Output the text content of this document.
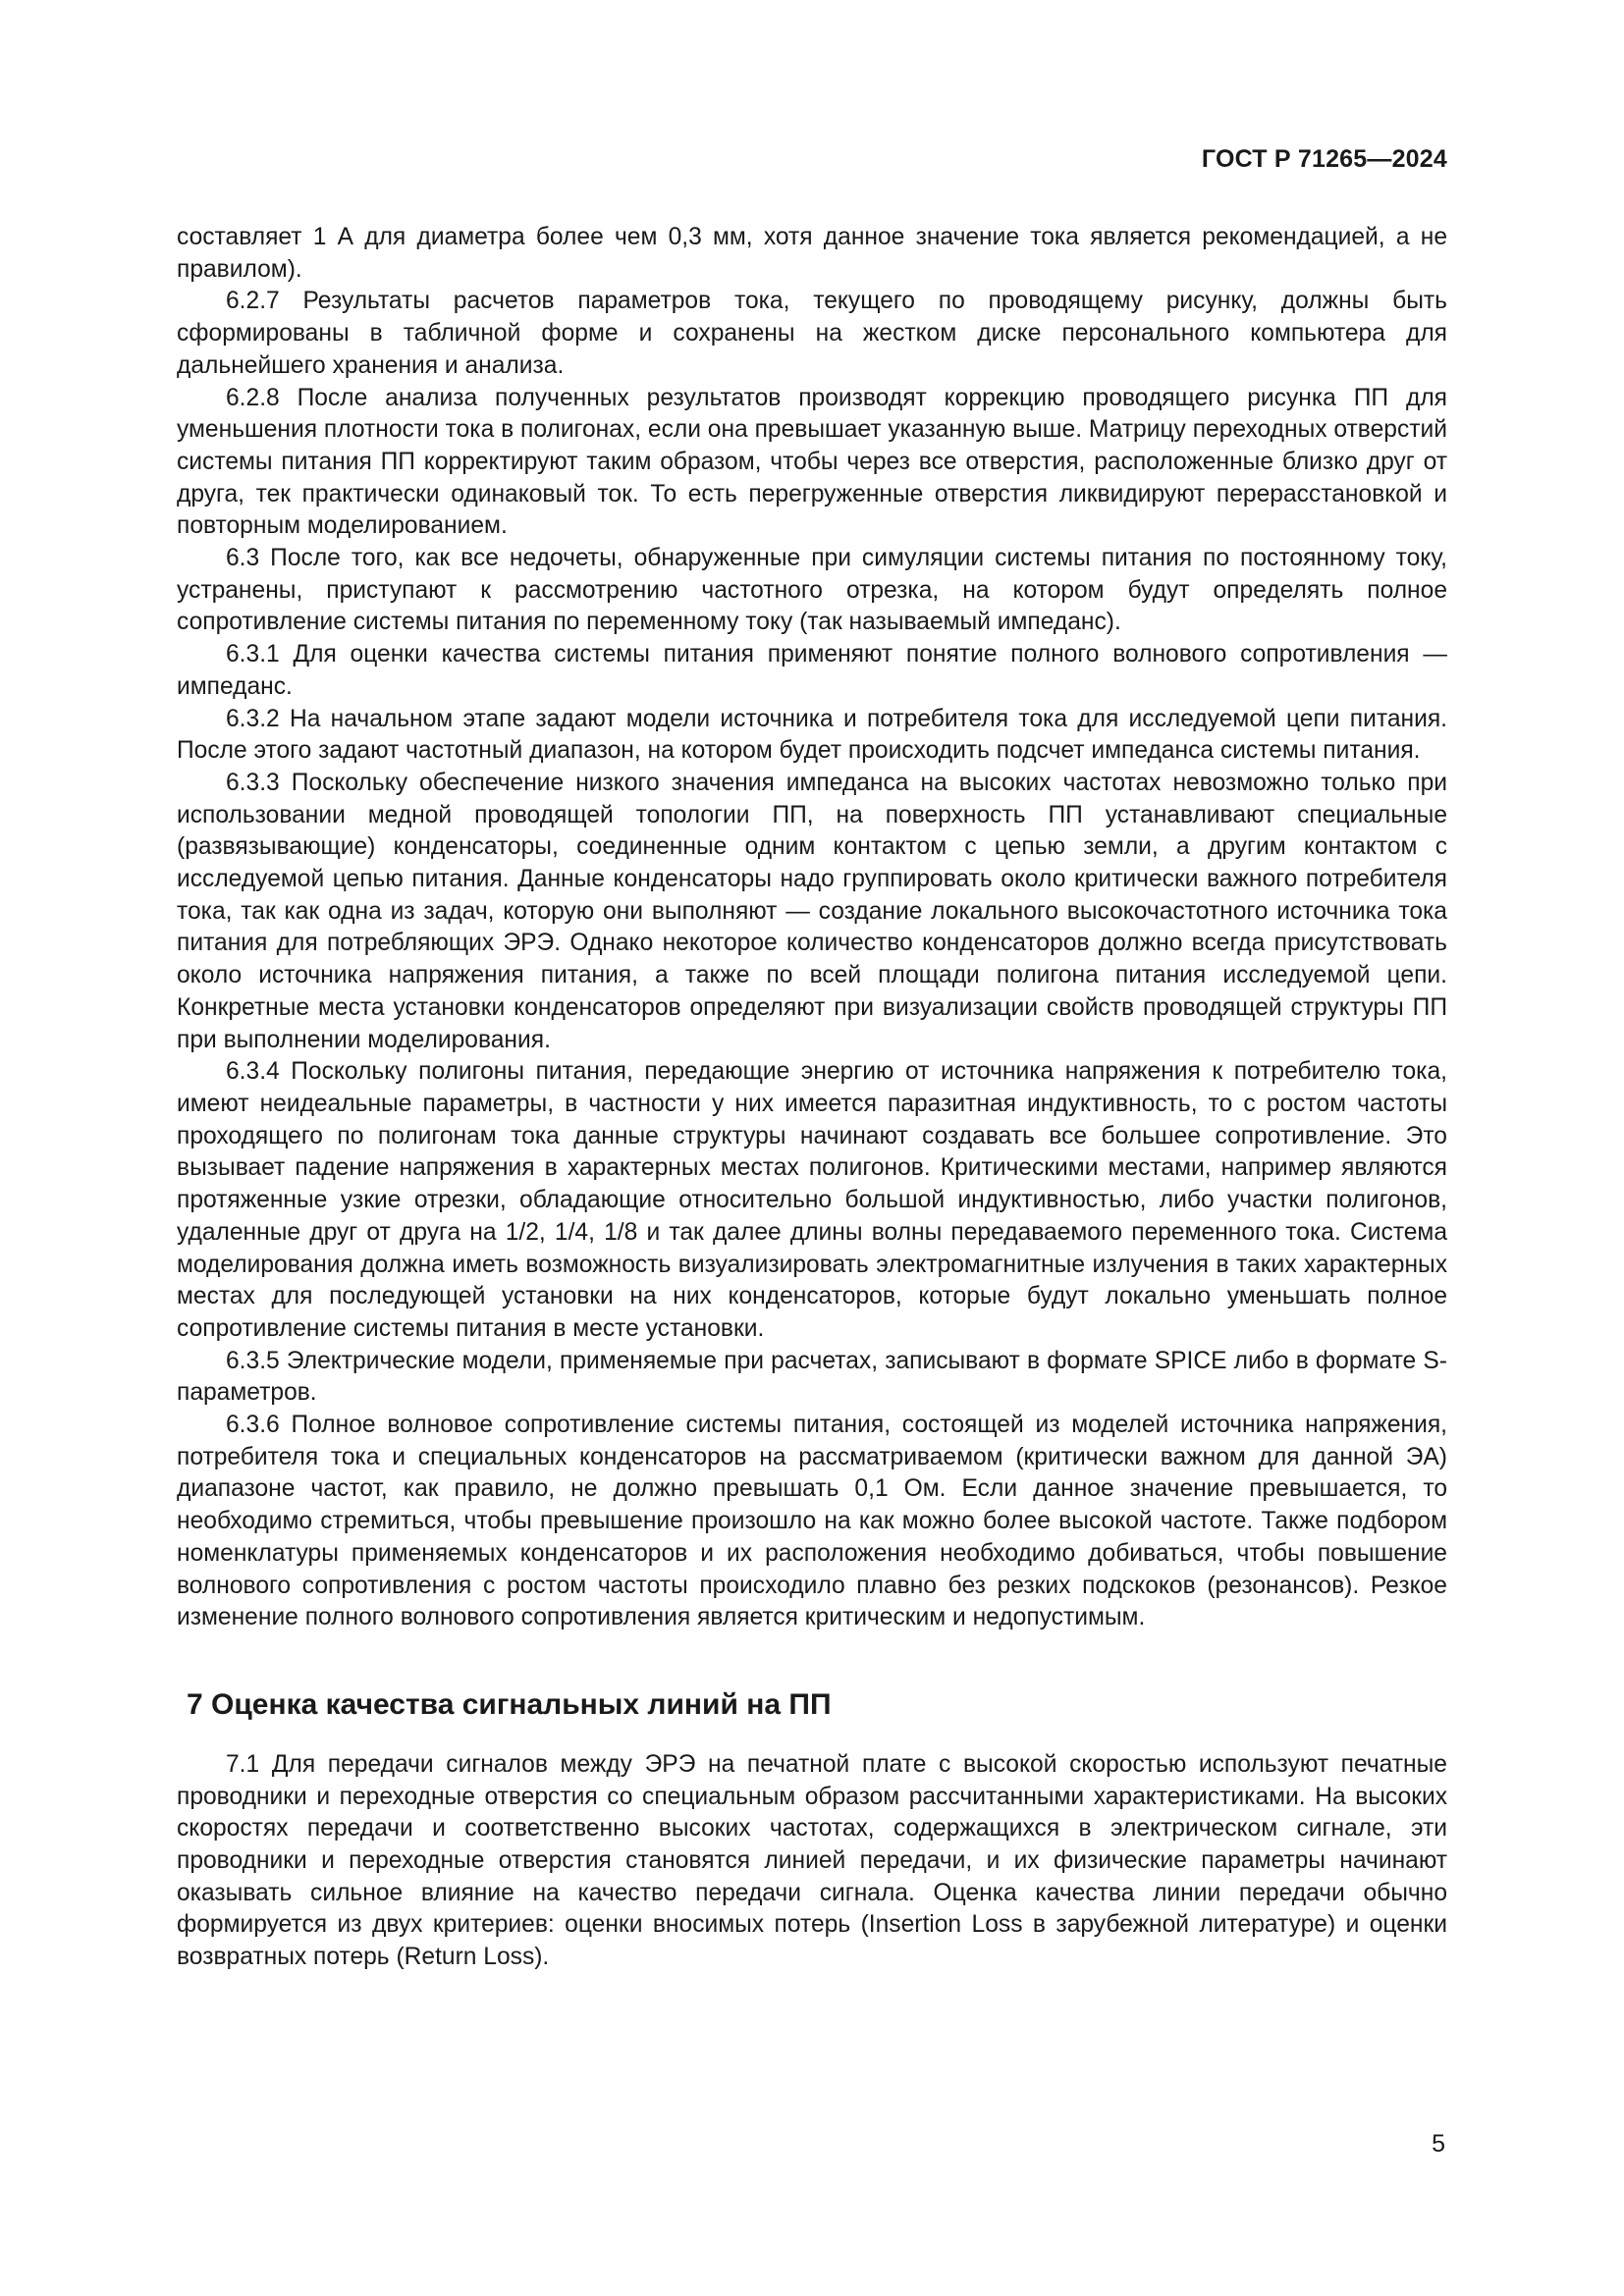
ГОСТ Р 71265—2024

составляет 1 А для диаметра более чем 0,3 мм, хотя данное значение тока является рекомендацией, а не правилом).

6.2.7 Результаты расчетов параметров тока, текущего по проводящему рисунку, должны быть сформированы в табличной форме и сохранены на жестком диске персонального компьютера для дальнейшего хранения и анализа.

6.2.8 После анализа полученных результатов производят коррекцию проводящего рисунка ПП для уменьшения плотности тока в полигонах, если она превышает указанную выше. Матрицу переходных отверстий системы питания ПП корректируют таким образом, чтобы через все отверстия, расположенные близко друг от друга, тек практически одинаковый ток. То есть перегруженные отверстия ликвидируют перерасстановкой и повторным моделированием.

6.3 После того, как все недочеты, обнаруженные при симуляции системы питания по постоянному току, устранены, приступают к рассмотрению частотного отрезка, на котором будут определять полное сопротивление системы питания по переменному току (так называемый импеданс).

6.3.1 Для оценки качества системы питания применяют понятие полного волнового сопротивления — импеданс.

6.3.2 На начальном этапе задают модели источника и потребителя тока для исследуемой цепи питания. После этого задают частотный диапазон, на котором будет происходить подсчет импеданса системы питания.

6.3.3 Поскольку обеспечение низкого значения импеданса на высоких частотах невозможно только при использовании медной проводящей топологии ПП, на поверхность ПП устанавливают специальные (развязывающие) конденсаторы, соединенные одним контактом с цепью земли, а другим контактом с исследуемой цепью питания. Данные конденсаторы надо группировать около критически важного потребителя тока, так как одна из задач, которую они выполняют — создание локального высокочастотного источника тока питания для потребляющих ЭРЭ. Однако некоторое количество конденсаторов должно всегда присутствовать около источника напряжения питания, а также по всей площади полигона питания исследуемой цепи. Конкретные места установки конденсаторов определяют при визуализации свойств проводящей структуры ПП при выполнении моделирования.

6.3.4 Поскольку полигоны питания, передающие энергию от источника напряжения к потребителю тока, имеют неидеальные параметры, в частности у них имеется паразитная индуктивность, то с ростом частоты проходящего по полигонам тока данные структуры начинают создавать все большее сопротивление. Это вызывает падение напряжения в характерных местах полигонов. Критическими местами, например являются протяженные узкие отрезки, обладающие относительно большой индуктивностью, либо участки полигонов, удаленные друг от друга на 1/2, 1/4, 1/8 и так далее длины волны передаваемого переменного тока. Система моделирования должна иметь возможность визуализировать электромагнитные излучения в таких характерных местах для последующей установки на них конденсаторов, которые будут локально уменьшать полное сопротивление системы питания в месте установки.

6.3.5 Электрические модели, применяемые при расчетах, записывают в формате SPICE либо в формате S-параметров.

6.3.6 Полное волновое сопротивление системы питания, состоящей из моделей источника напряжения, потребителя тока и специальных конденсаторов на рассматриваемом (критически важном для данной ЭА) диапазоне частот, как правило, не должно превышать 0,1 Ом. Если данное значение превышается, то необходимо стремиться, чтобы превышение произошло на как можно более высокой частоте. Также подбором номенклатуры применяемых конденсаторов и их расположения необходимо добиваться, чтобы повышение волнового сопротивления с ростом частоты происходило плавно без резких подскоков (резонансов). Резкое изменение полного волнового сопротивления является критическим и недопустимым.

7 Оценка качества сигнальных линий на ПП

7.1 Для передачи сигналов между ЭРЭ на печатной плате с высокой скоростью используют печатные проводники и переходные отверстия со специальным образом рассчитанными характеристиками. На высоких скоростях передачи и соответственно высоких частотах, содержащихся в электрическом сигнале, эти проводники и переходные отверстия становятся линией передачи, и их физические параметры начинают оказывать сильное влияние на качество передачи сигнала. Оценка качества линии передачи обычно формируется из двух критериев: оценки вносимых потерь (Insertion Loss в зарубежной литературе) и оценки возвратных потерь (Return Loss).

5
